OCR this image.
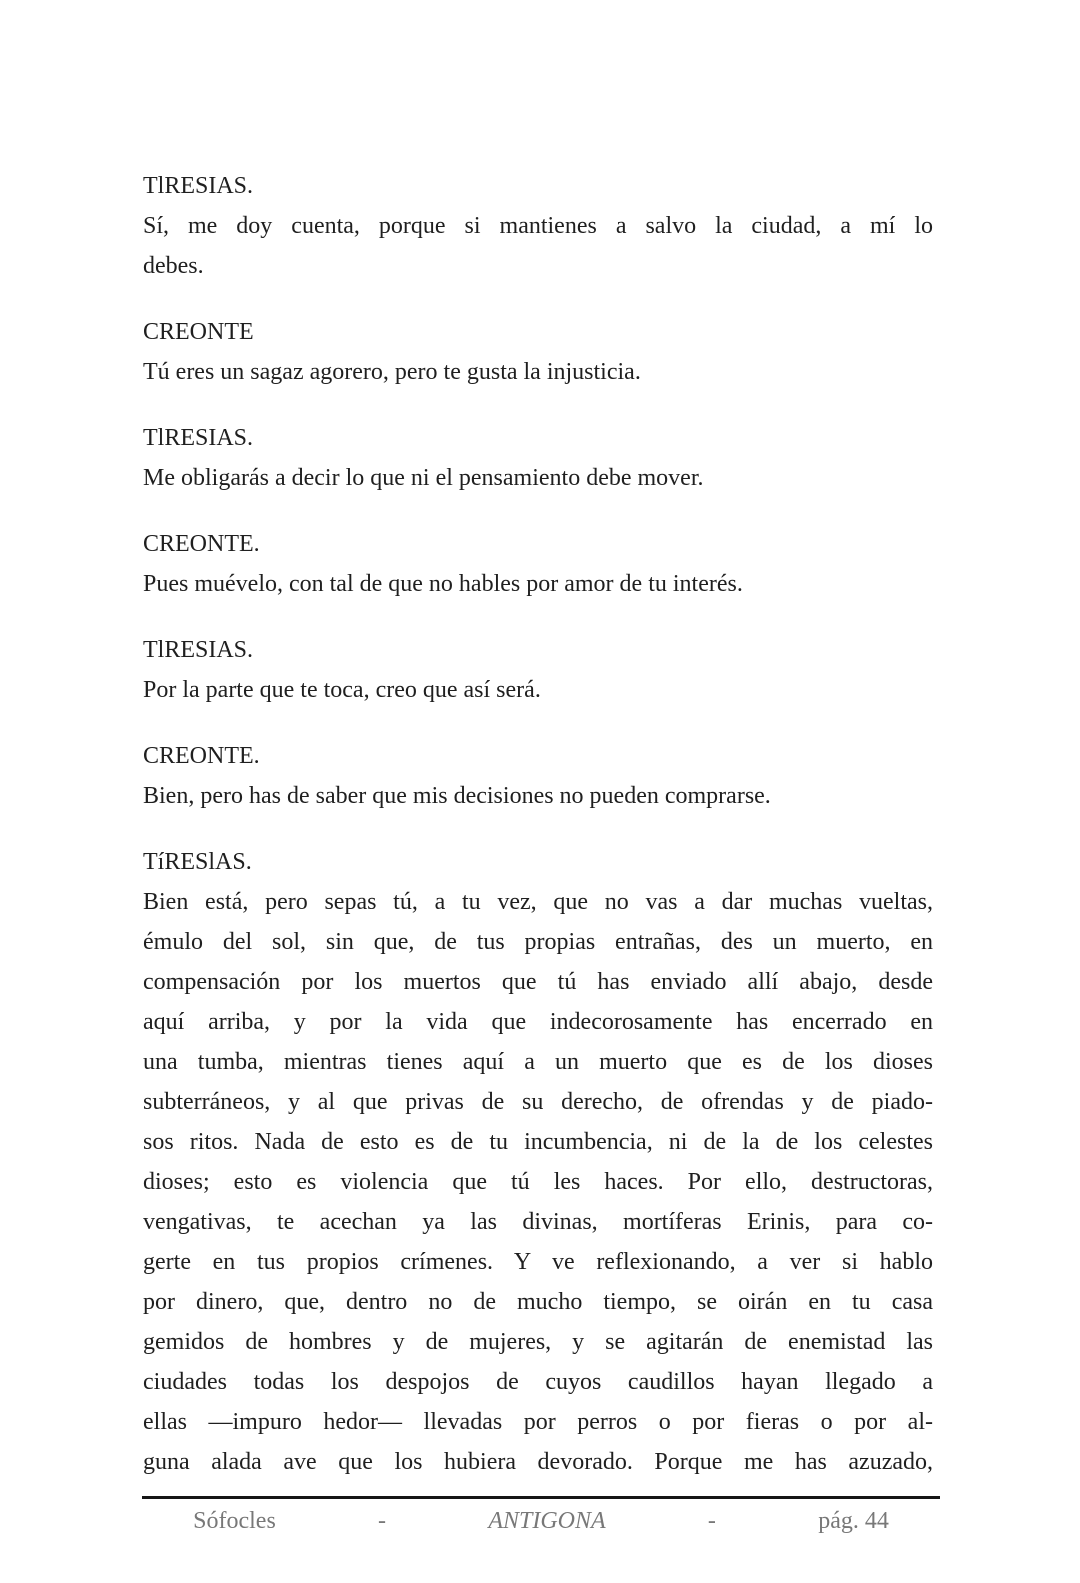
TlRESIAS.
Sí, me doy cuenta, porque si mantienes a salvo la ciudad, a mí lo
debes.
CREONTE
Tú eres un sagaz agorero, pero te gusta la injusticia.
TlRESIAS.
Me obligarás a decir lo que ni el pensamiento debe mover.
CREONTE.
Pues muévelo, con tal de que no hables por amor de tu interés.
TlRESIAS.
Por la parte que te toca, creo que así será.
CREONTE.
Bien, pero has de saber que mis decisiones no pueden comprarse.
TíRESlAS.
Bien está, pero sepas tú, a tu vez, que no vas a dar muchas vueltas,
émulo del sol, sin que, de tus propias entrañas, des un muerto, en
compensación por los muertos que tú has enviado allí abajo, desde
aquí arriba, y por la vida que indecorosamente has encerrado en
una tumba, mientras tienes aquí a un muerto que es de los dioses
subterráneos, y al que privas de su derecho, de ofrendas y de piado-
sos ritos. Nada de esto es de tu incumbencia, ni de la de los celestes
dioses; esto es violencia que tú les haces. Por ello, destructoras,
vengativas, te acechan ya las divinas, mortíferas Erinis, para co-
gerte en tus propios crímenes. Y ve reflexionando, a ver si hablo
por dinero, que, dentro no de mucho tiempo, se oirán en tu casa
gemidos de hombres y de mujeres, y se agitarán de enemistad las
ciudades todas los despojos de cuyos caudillos hayan llegado a
ellas —impuro hedor— llevadas por perros o por fieras o por al-
guna alada ave que los hubiera devorado. Porque me has azuzado,
Sófocles	-	ANTIGONA	-	pág. 44
